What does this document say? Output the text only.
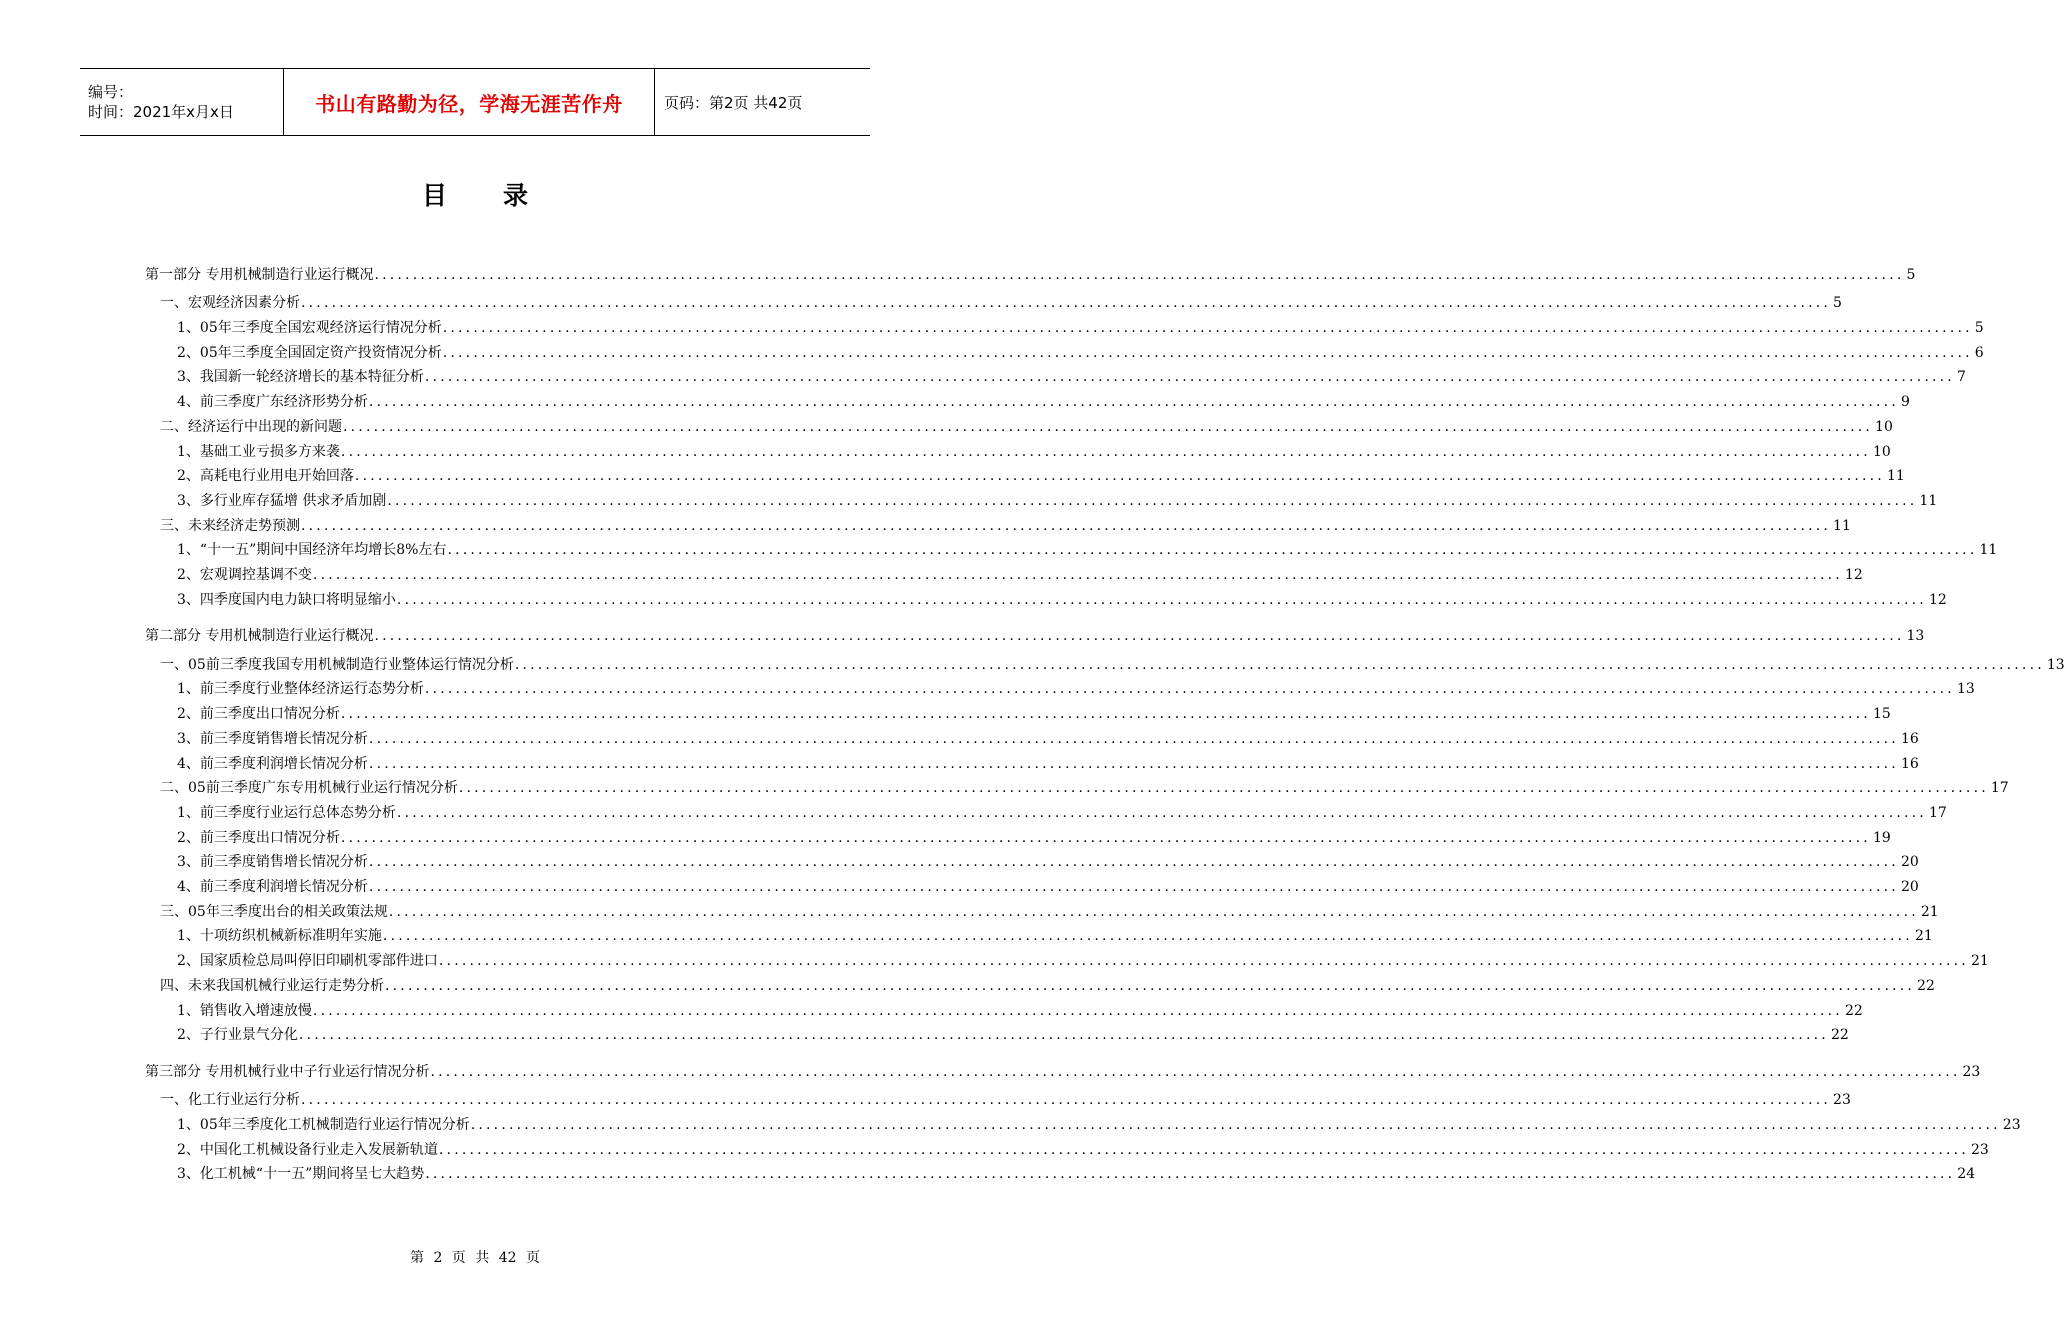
编号：
时间：2021年x月x日	书山有路勤为径，学海无涯苦作舟	页码：第2页 共42页
目录
第一部分 专用机械制造行业运行概况 ........................................................................................................................................................................................................ 5
一、宏观经济因素分析 ........................................................................................................................................................................................................ 5
1、05年三季度全国宏观经济运行情况分析 ........................................................................................................................................................................................................ 5
2、05年三季度全国固定资产投资情况分析 ........................................................................................................................................................................................................ 6
3、我国新一轮经济增长的基本特征分析 ........................................................................................................................................................................................................ 7
4、前三季度广东经济形势分析 ........................................................................................................................................................................................................ 9
二、经济运行中出现的新问题 ........................................................................................................................................................................................................ 10
1、基础工业亏损多方来袭 ........................................................................................................................................................................................................ 10
2、高耗电行业用电开始回落 ........................................................................................................................................................................................................ 11
3、多行业库存猛增 供求矛盾加剧 ........................................................................................................................................................................................................ 11
三、未来经济走势预测 ........................................................................................................................................................................................................ 11
1、“十一五”期间中国经济年均增长8%左右 ........................................................................................................................................................................................................ 11
2、宏观调控基调不变 ........................................................................................................................................................................................................ 12
3、四季度国内电力缺口将明显缩小 ........................................................................................................................................................................................................ 12
第二部分 专用机械制造行业运行概况 ........................................................................................................................................................................................................ 13
一、05前三季度我国专用机械制造行业整体运行情况分析 ........................................................................................................................................................................................................ 13
1、前三季度行业整体经济运行态势分析 ........................................................................................................................................................................................................ 13
2、前三季度出口情况分析 ........................................................................................................................................................................................................ 15
3、前三季度销售增长情况分析 ........................................................................................................................................................................................................ 16
4、前三季度利润增长情况分析 ........................................................................................................................................................................................................ 16
二、05前三季度广东专用机械行业运行情况分析 ........................................................................................................................................................................................................ 17
1、前三季度行业运行总体态势分析 ........................................................................................................................................................................................................ 17
2、前三季度出口情况分析 ........................................................................................................................................................................................................ 19
3、前三季度销售增长情况分析 ........................................................................................................................................................................................................ 20
4、前三季度利润增长情况分析 ........................................................................................................................................................................................................ 20
三、05年三季度出台的相关政策法规 ........................................................................................................................................................................................................ 21
1、十项纺织机械新标准明年实施 ........................................................................................................................................................................................................ 21
2、国家质检总局叫停旧印刷机零部件进口 ........................................................................................................................................................................................................ 21
四、未来我国机械行业运行走势分析 ........................................................................................................................................................................................................ 22
1、销售收入增速放慢 ........................................................................................................................................................................................................ 22
2、子行业景气分化 ........................................................................................................................................................................................................ 22
第三部分 专用机械行业中子行业运行情况分析 ........................................................................................................................................................................................................ 23
一、化工行业运行分析 ........................................................................................................................................................................................................ 23
1、05年三季度化工机械制造行业运行情况分析 ........................................................................................................................................................................................................ 23
2、中国化工机械设备行业走入发展新轨道 ........................................................................................................................................................................................................ 23
3、化工机械“十一五”期间将呈七大趋势 ........................................................................................................................................................................................................ 24
第 2 页 共 42 页
